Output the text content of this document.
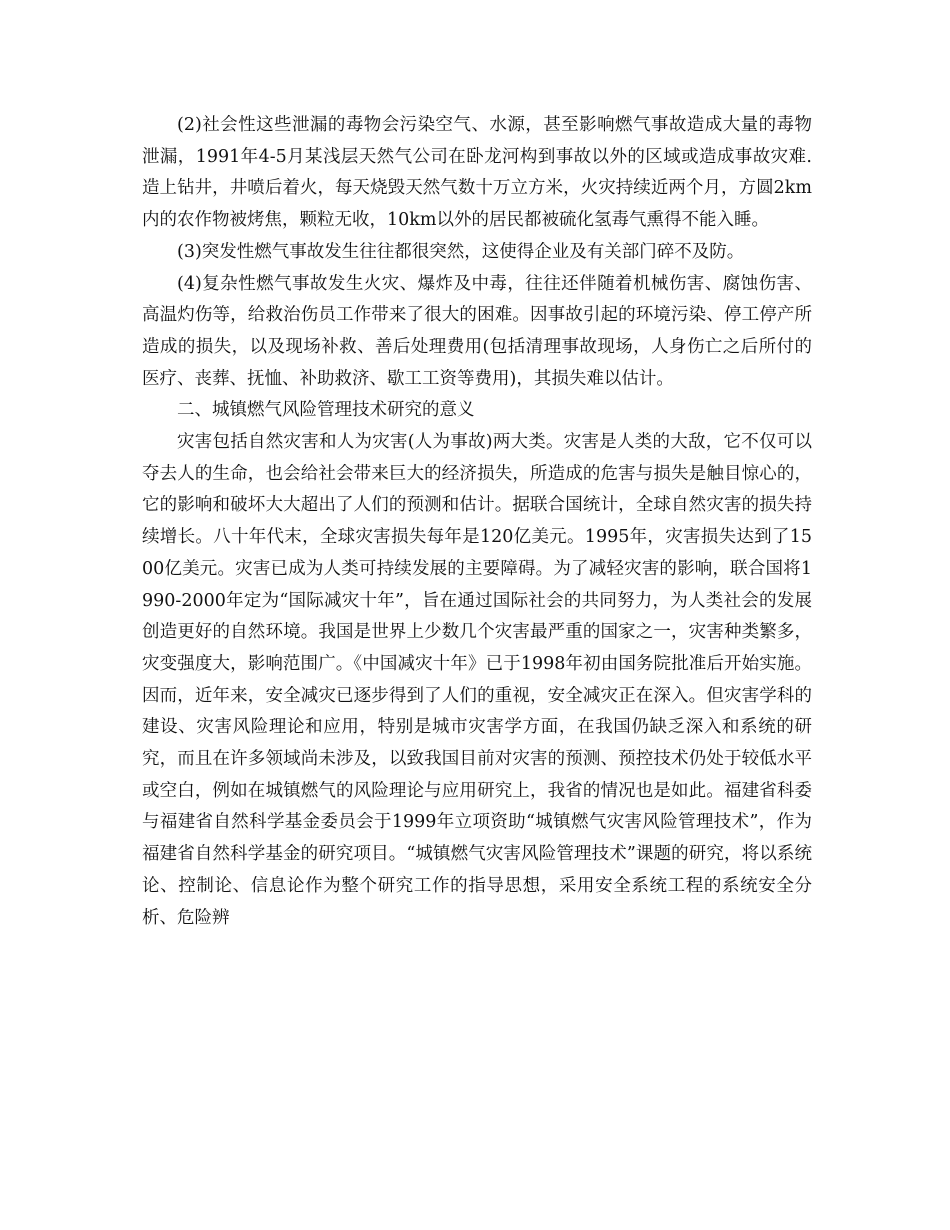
(2)社会性这些泄漏的毒物会污染空气、水源，甚至影响燃气事故造成大量的毒物泄漏，1991年4-5月某浅层天然气公司在卧龙河构到事故以外的区域或造成事故灾难.造上钻井，井喷后着火，每天烧毁天然气数十万立方米，火灾持续近两个月，方圆2km内的农作物被烤焦，颗粒无收，10km以外的居民都被硫化氢毒气熏得不能入睡。

(3)突发性燃气事故发生往往都很突然，这使得企业及有关部门碎不及防。

(4)复杂性燃气事故发生火灾、爆炸及中毒，往往还伴随着机械伤害、腐蚀伤害、高温灼伤等，给救治伤员工作带来了很大的困难。因事故引起的环境污染、停工停产所造成的损失，以及现场补救、善后处理费用(包括清理事故现场，人身伤亡之后所付的医疗、丧葬、抚恤、补助救济、歇工工资等费用)，其损失难以估计。

二、城镇燃气风险管理技术研究的意义

灾害包括自然灾害和人为灾害(人为事故)两大类。灾害是人类的大敌，它不仅可以夺去人的生命，也会给社会带来巨大的经济损失，所造成的危害与损失是触目惊心的，它的影响和破坏大大超出了人们的预测和估计。据联合国统计，全球自然灾害的损失持续增长。八十年代末，全球灾害损失每年是120亿美元。1995年，灾害损失达到了1500亿美元。灾害已成为人类可持续发展的主要障碍。为了减轻灾害的影响，联合国将1990-2000年定为“国际减灾十年”，旨在通过国际社会的共同努力，为人类社会的发展创造更好的自然环境。我国是世界上少数几个灾害最严重的国家之一，灾害种类繁多，灾变强度大，影响范围广。《中国减灾十年》已于1998年初由国务院批准后开始实施。因而，近年来，安全减灾已逐步得到了人们的重视，安全减灾正在深入。但灾害学科的建设、灾害风险理论和应用，特别是城市灾害学方面，在我国仍缺乏深入和系统的研究，而且在许多领域尚未涉及，以致我国目前对灾害的预测、预控技术仍处于较低水平或空白，例如在城镇燃气的风险理论与应用研究上，我省的情况也是如此。福建省科委与福建省自然科学基金委员会于1999年立项资助“城镇燃气灾害风险管理技术”，作为福建省自然科学基金的研究项目。“城镇燃气灾害风险管理技术”课题的研究，将以系统论、控制论、信息论作为整个研究工作的指导思想，采用安全系统工程的系统安全分析、危险辨
